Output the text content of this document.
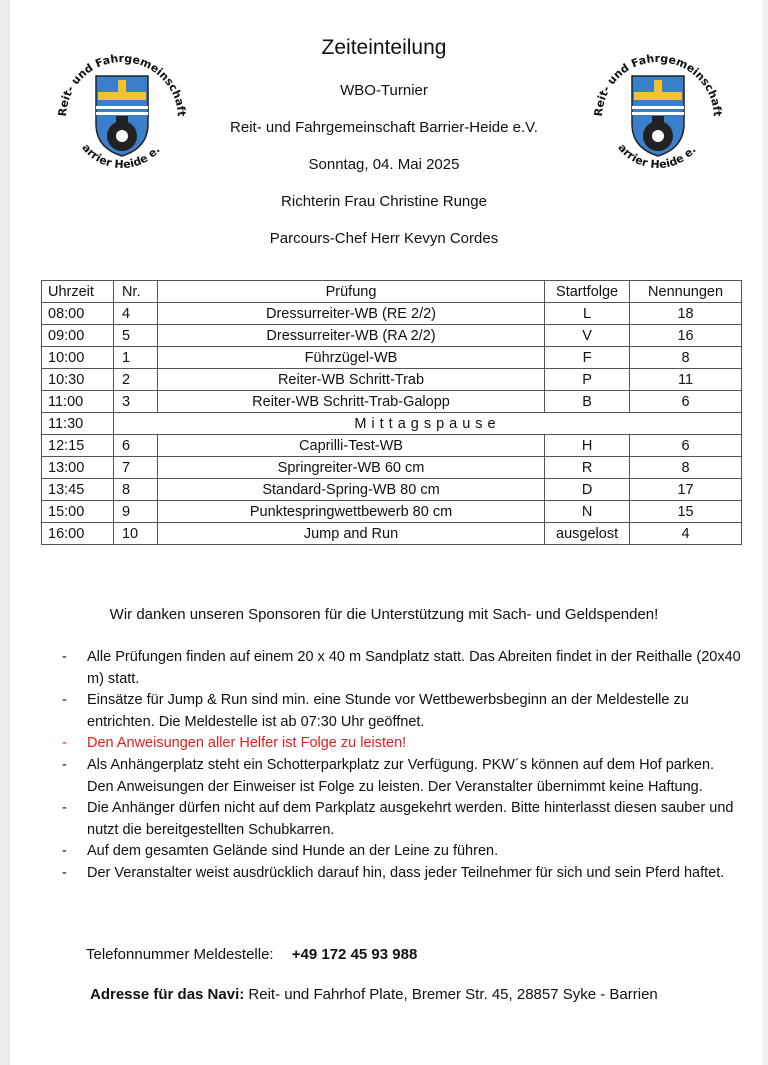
Reit- und Fahrgemeinschaft
arrier Heide e.
Reit- und Fahrgemeinschaft
arrier Heide e.
Zeiteinteilung
WBO-Turnier
Reit- und Fahrgemeinschaft Barrier-Heide e.V.
Sonntag, 04. Mai 2025
Richterin Frau Christine Runge
Parcours-Chef Herr Kevyn Cordes
Uhrzeit	Nr.	Prüfung	Startfolge	Nennungen
08:00	4	Dressurreiter-WB (RE 2/2)	L	18
09:00	5	Dressurreiter-WB (RA 2/2)	V	16
10:00	1	Führzügel-WB	F	8
10:30	2	Reiter-WB Schritt-Trab	P	11
11:00	3	Reiter-WB Schritt-Trab-Galopp	B	6
11:30	Mittagspause			
12:15	6	Caprilli-Test-WB	H	6
13:00	7	Springreiter-WB 60 cm	R	8
13:45	8	Standard-Spring-WB 80 cm	D	17
15:00	9	Punktespringwettbewerb 80 cm	N	15
16:00	10	Jump and Run	ausgelost	4
Wir danken unseren Sponsoren für die Unterstützung mit Sach- und Geldspenden!
- Alle Prüfungen finden auf einem 20 x 40 m Sandplatz statt. Das Abreiten findet in der Reithalle (20x40 m) statt.
- Einsätze für Jump & Run sind min. eine Stunde vor Wettbewerbsbeginn an der Meldestelle zu entrichten. Die Meldestelle ist ab 07:30 Uhr geöffnet.
- Den Anweisungen aller Helfer ist Folge zu leisten!
- Als Anhängerplatz steht ein Schotterparkplatz zur Verfügung. PKW´s können auf dem Hof parken. Den Anweisungen der Einweiser ist Folge zu leisten. Der Veranstalter übernimmt keine Haftung.
- Die Anhänger dürfen nicht auf dem Parkplatz ausgekehrt werden. Bitte hinterlasst diesen sauber und nutzt die bereitgestellten Schubkarren.
- Auf dem gesamten Gelände sind Hunde an der Leine zu führen.
- Der Veranstalter weist ausdrücklich darauf hin, dass jeder Teilnehmer für sich und sein Pferd haftet.
Telefonnummer Meldestelle: +49 172 45 93 988
Adresse für das Navi: Reit- und Fahrhof Plate, Bremer Str. 45, 28857 Syke - Barrien
